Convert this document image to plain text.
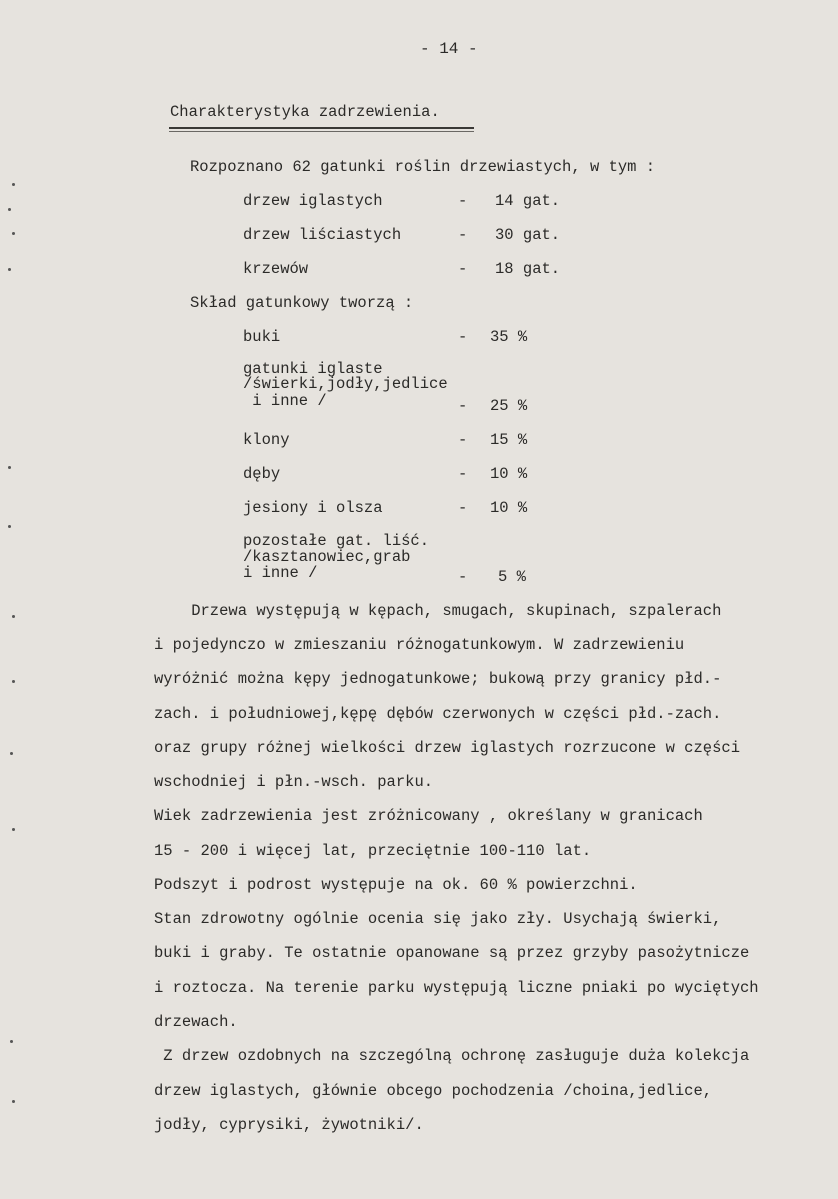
- 14 -
Charakterystyka zadrzewienia.
Rozpoznano 62 gatunki roślin drzewiastych, w tym :
drzew iglastych	- 14 gat.
drzew liściastych	- 30 gat.
krzewów	- 18 gat.
Skład gatunkowy tworzą :
buki	- 35 %
gatunki iglaste
/świerki,jodły,jedlice
i inne /	- 25 %
klony	- 15 %
dęby	- 10 %
jesiony i olsza	- 10 %
pozostałe gat. liść.
/kasztanowiec,grab
i inne /	- 5 %
Drzewa występują w kępach, smugach, skupinach, szpalerach
i pojedynczo w zmieszaniu różnogatunkowym. W zadrzewieniu
wyróżnić można kępy jednogatunkowe; bukową przy granicy płd.-
zach. i południowej,kępę dębów czerwonych w części płd.-zach.
oraz grupy różnej wielkości drzew iglastych rozrzucone w części
wschodniej i płn.-wsch. parku.
Wiek zadrzewienia jest zróżnicowany , określany w granicach
15 - 200 i więcej lat, przeciętnie 100-110 lat.
Podszyt i podrost występuje na ok. 60 % powierzchni.
Stan zdrowotny ogólnie ocenia się jako zły. Usychają świerki,
buki i graby. Te ostatnie opanowane są przez grzyby pasożytnicze
i roztocza. Na terenie parku występują liczne pniaki po wyciętych
drzewach.
Z drzew ozdobnych na szczególną ochronę zasługuje duża kolekcja
drzew iglastych, głównie obcego pochodzenia /choina,jedlice,
jodły, cyprysiki, żywotniki/.
